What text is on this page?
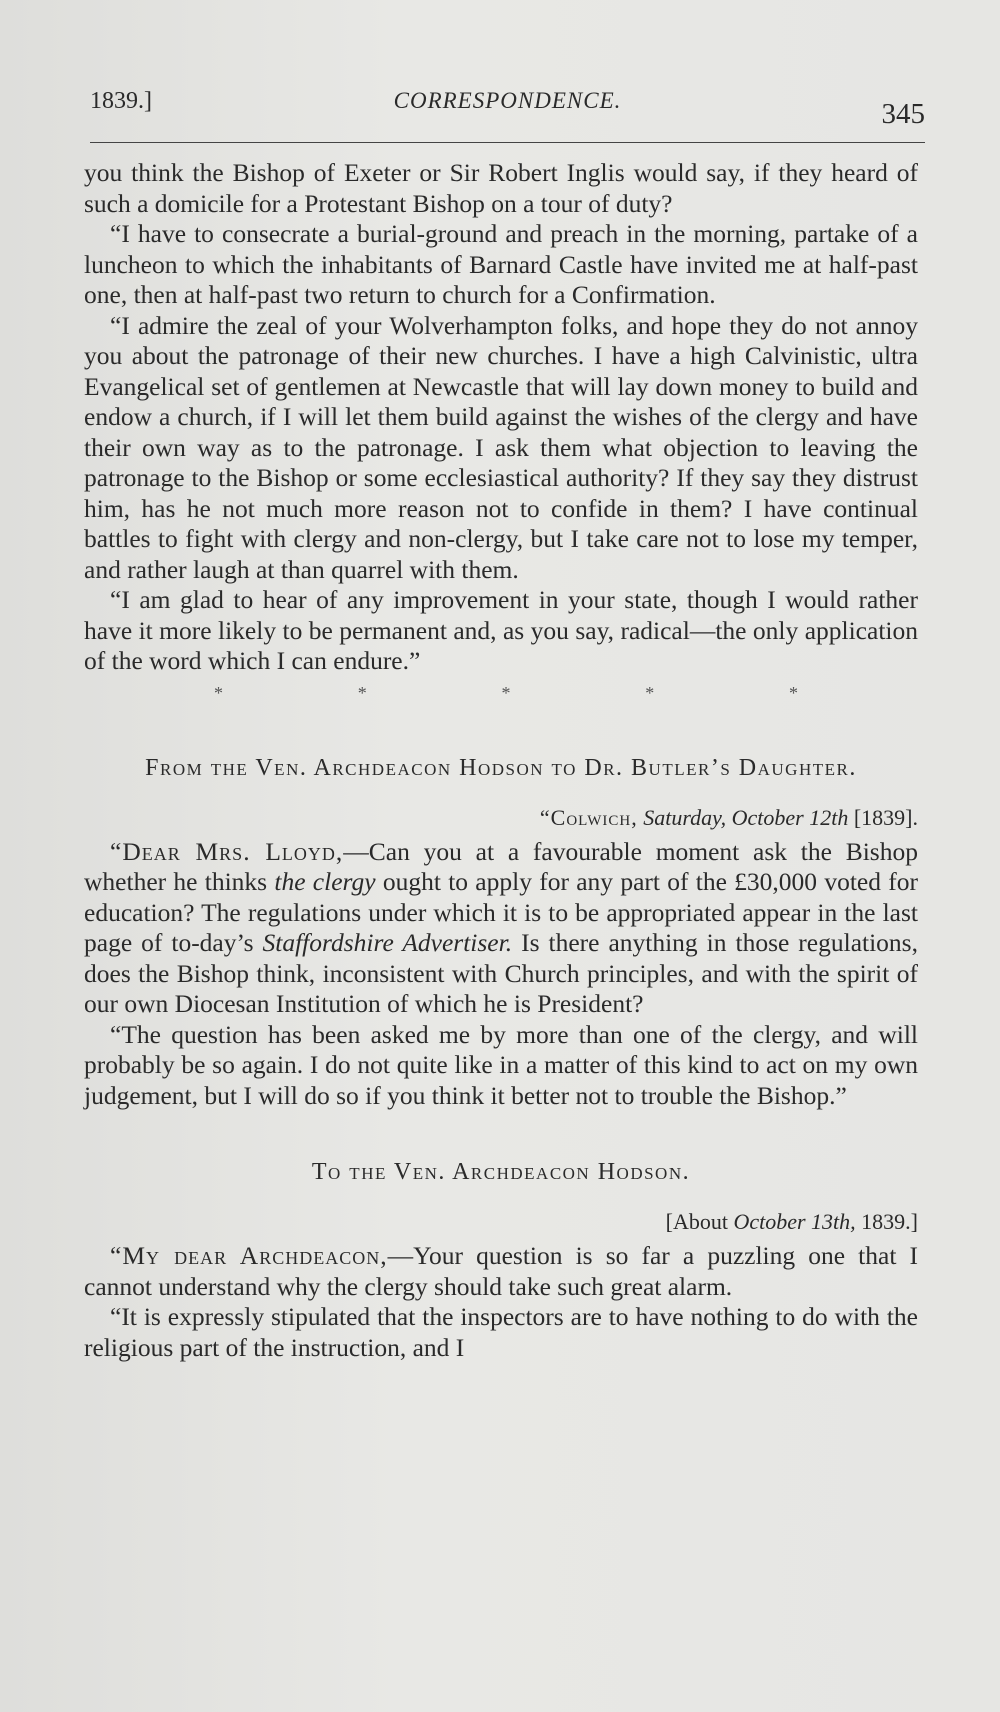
1839.]	CORRESPONDENCE.	345

you think the Bishop of Exeter or Sir Robert Inglis would say, if they heard of such a domicile for a Protestant Bishop on a tour of duty?

“I have to consecrate a burial-ground and preach in the morning, partake of a luncheon to which the inhabitants of Barnard Castle have invited me at half-past one, then at half-past two return to church for a Confirmation.

“I admire the zeal of your Wolverhampton folks, and hope they do not annoy you about the patronage of their new churches. I have a high Calvinistic, ultra Evangelical set of gentlemen at Newcastle that will lay down money to build and endow a church, if I will let them build against the wishes of the clergy and have their own way as to the patronage. I ask them what objection to leaving the patronage to the Bishop or some ecclesiastical authority? If they say they distrust him, has he not much more reason not to confide in them? I have continual battles to fight with clergy and non-clergy, but I take care not to lose my temper, and rather laugh at than quarrel with them.

“I am glad to hear of any improvement in your state, though I would rather have it more likely to be permanent and, as you say, radical—the only application of the word which I can endure.”

*	*	*	*	*
From the Ven. Archdeacon Hodson to Dr. Butler’s Daughter.
“Colwich, Saturday, October 12th [1839].

“Dear Mrs. Lloyd,—Can you at a favourable moment ask the Bishop whether he thinks the clergy ought to apply for any part of the £30,000 voted for education? The regulations under which it is to be appropriated appear in the last page of to-day’s Staffordshire Advertiser. Is there anything in those regulations, does the Bishop think, inconsistent with Church principles, and with the spirit of our own Diocesan Institution of which he is President?

“The question has been asked me by more than one of the clergy, and will probably be so again. I do not quite like in a matter of this kind to act on my own judgement, but I will do so if you think it better not to trouble the Bishop.”

To the Ven. Archdeacon Hodson.
[About October 13th, 1839.]

“My dear Archdeacon,—Your question is so far a puzzling one that I cannot understand why the clergy should take such great alarm.

“It is expressly stipulated that the inspectors are to have nothing to do with the religious part of the instruction, and I
